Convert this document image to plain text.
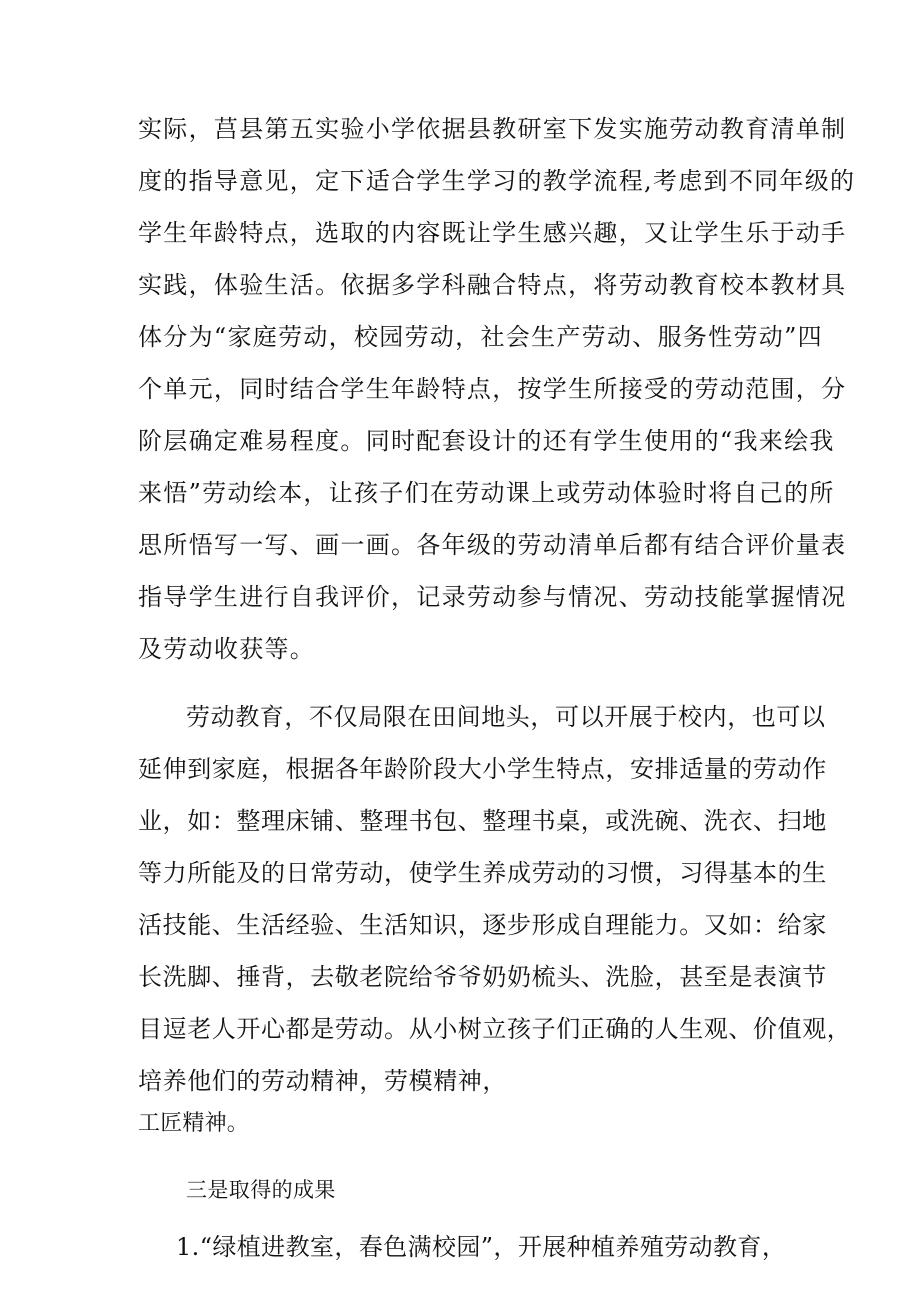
实际，莒县第五实验小学依据县教研室下发实施劳动教育清单制
度的指导意见，定下适合学生学习的教学流程,考虑到不同年级的
学生年龄特点，选取的内容既让学生感兴趣，又让学生乐于动手
实践，体验生活。依据多学科融合特点，将劳动教育校本教材具
体分为“家庭劳动，校园劳动，社会生产劳动、服务性劳动”四
个单元，同时结合学生年龄特点，按学生所接受的劳动范围，分
阶层确定难易程度。同时配套设计的还有学生使用的“我来绘我
来悟”劳动绘本，让孩子们在劳动课上或劳动体验时将自己的所
思所悟写一写、画一画。各年级的劳动清单后都有结合评价量表
指导学生进行自我评价，记录劳动参与情况、劳动技能掌握情况
及劳动收获等。
劳动教育，不仅局限在田间地头，可以开展于校内，也可以
延伸到家庭，根据各年龄阶段大小学生特点，安排适量的劳动作
业，如：整理床铺、整理书包、整理书桌，或洗碗、洗衣、扫地
等力所能及的日常劳动，使学生养成劳动的习惯，习得基本的生
活技能、生活经验、生活知识，逐步形成自理能力。又如：给家
长洗脚、捶背，去敬老院给爷爷奶奶梳头、洗脸，甚至是表演节
目逗老人开心都是劳动。从小树立孩子们正确的人生观、价值观，
培养他们的劳动精神，劳模精神，
工匠精神。
三是取得的成果
1.“绿植进教室，春色满校园”，开展种植养殖劳动教育，
